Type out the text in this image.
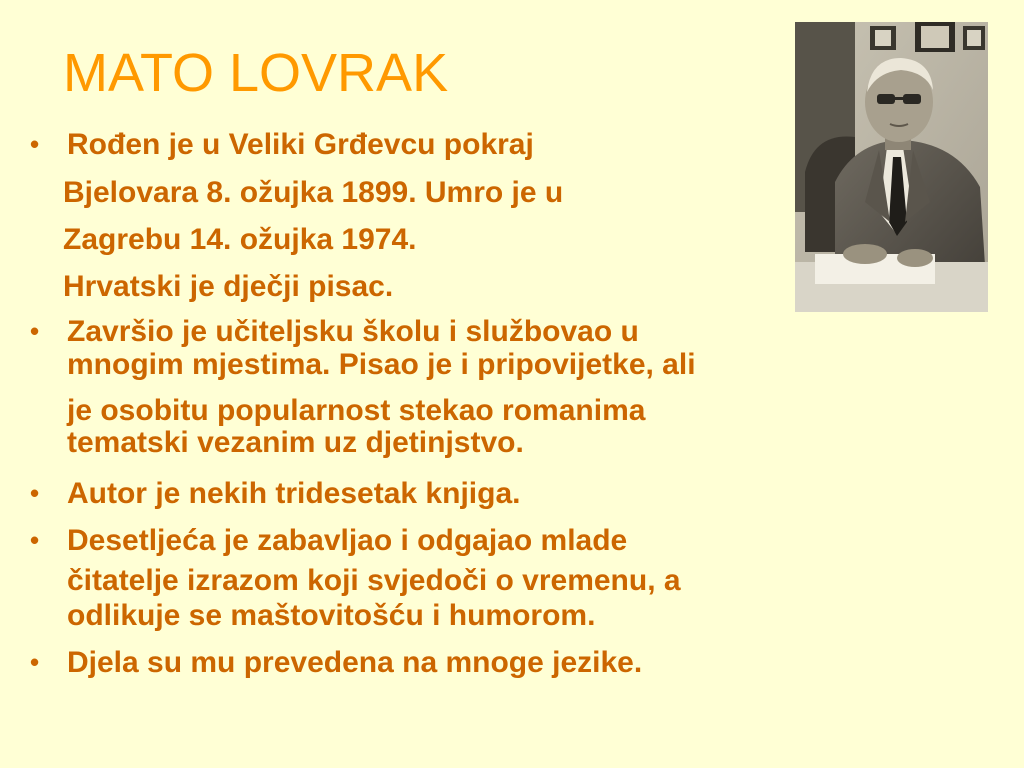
MATO LOVRAK
• Rođen je u Veliki Grđevcu pokraj
Bjelovara 8. ožujka 1899. Umro je u
Zagrebu 14. ožujka 1974.
Hrvatski je dječji pisac.
• Završio je učiteljsku školu i službovao u
mnogim mjestima. Pisao je i pripovijetke, ali
je osobitu popularnost stekao romanima
tematski vezanim uz djetinjstvo.
• Autor je nekih tridesetak knjiga.
• Desetljeća je zabavljao i odgajao mlade
čitatelje izrazom koji svjedoči o vremenu, a
odlikuje se maštovitošću i humorom.
• Djela su mu prevedena na mnoge jezike.
